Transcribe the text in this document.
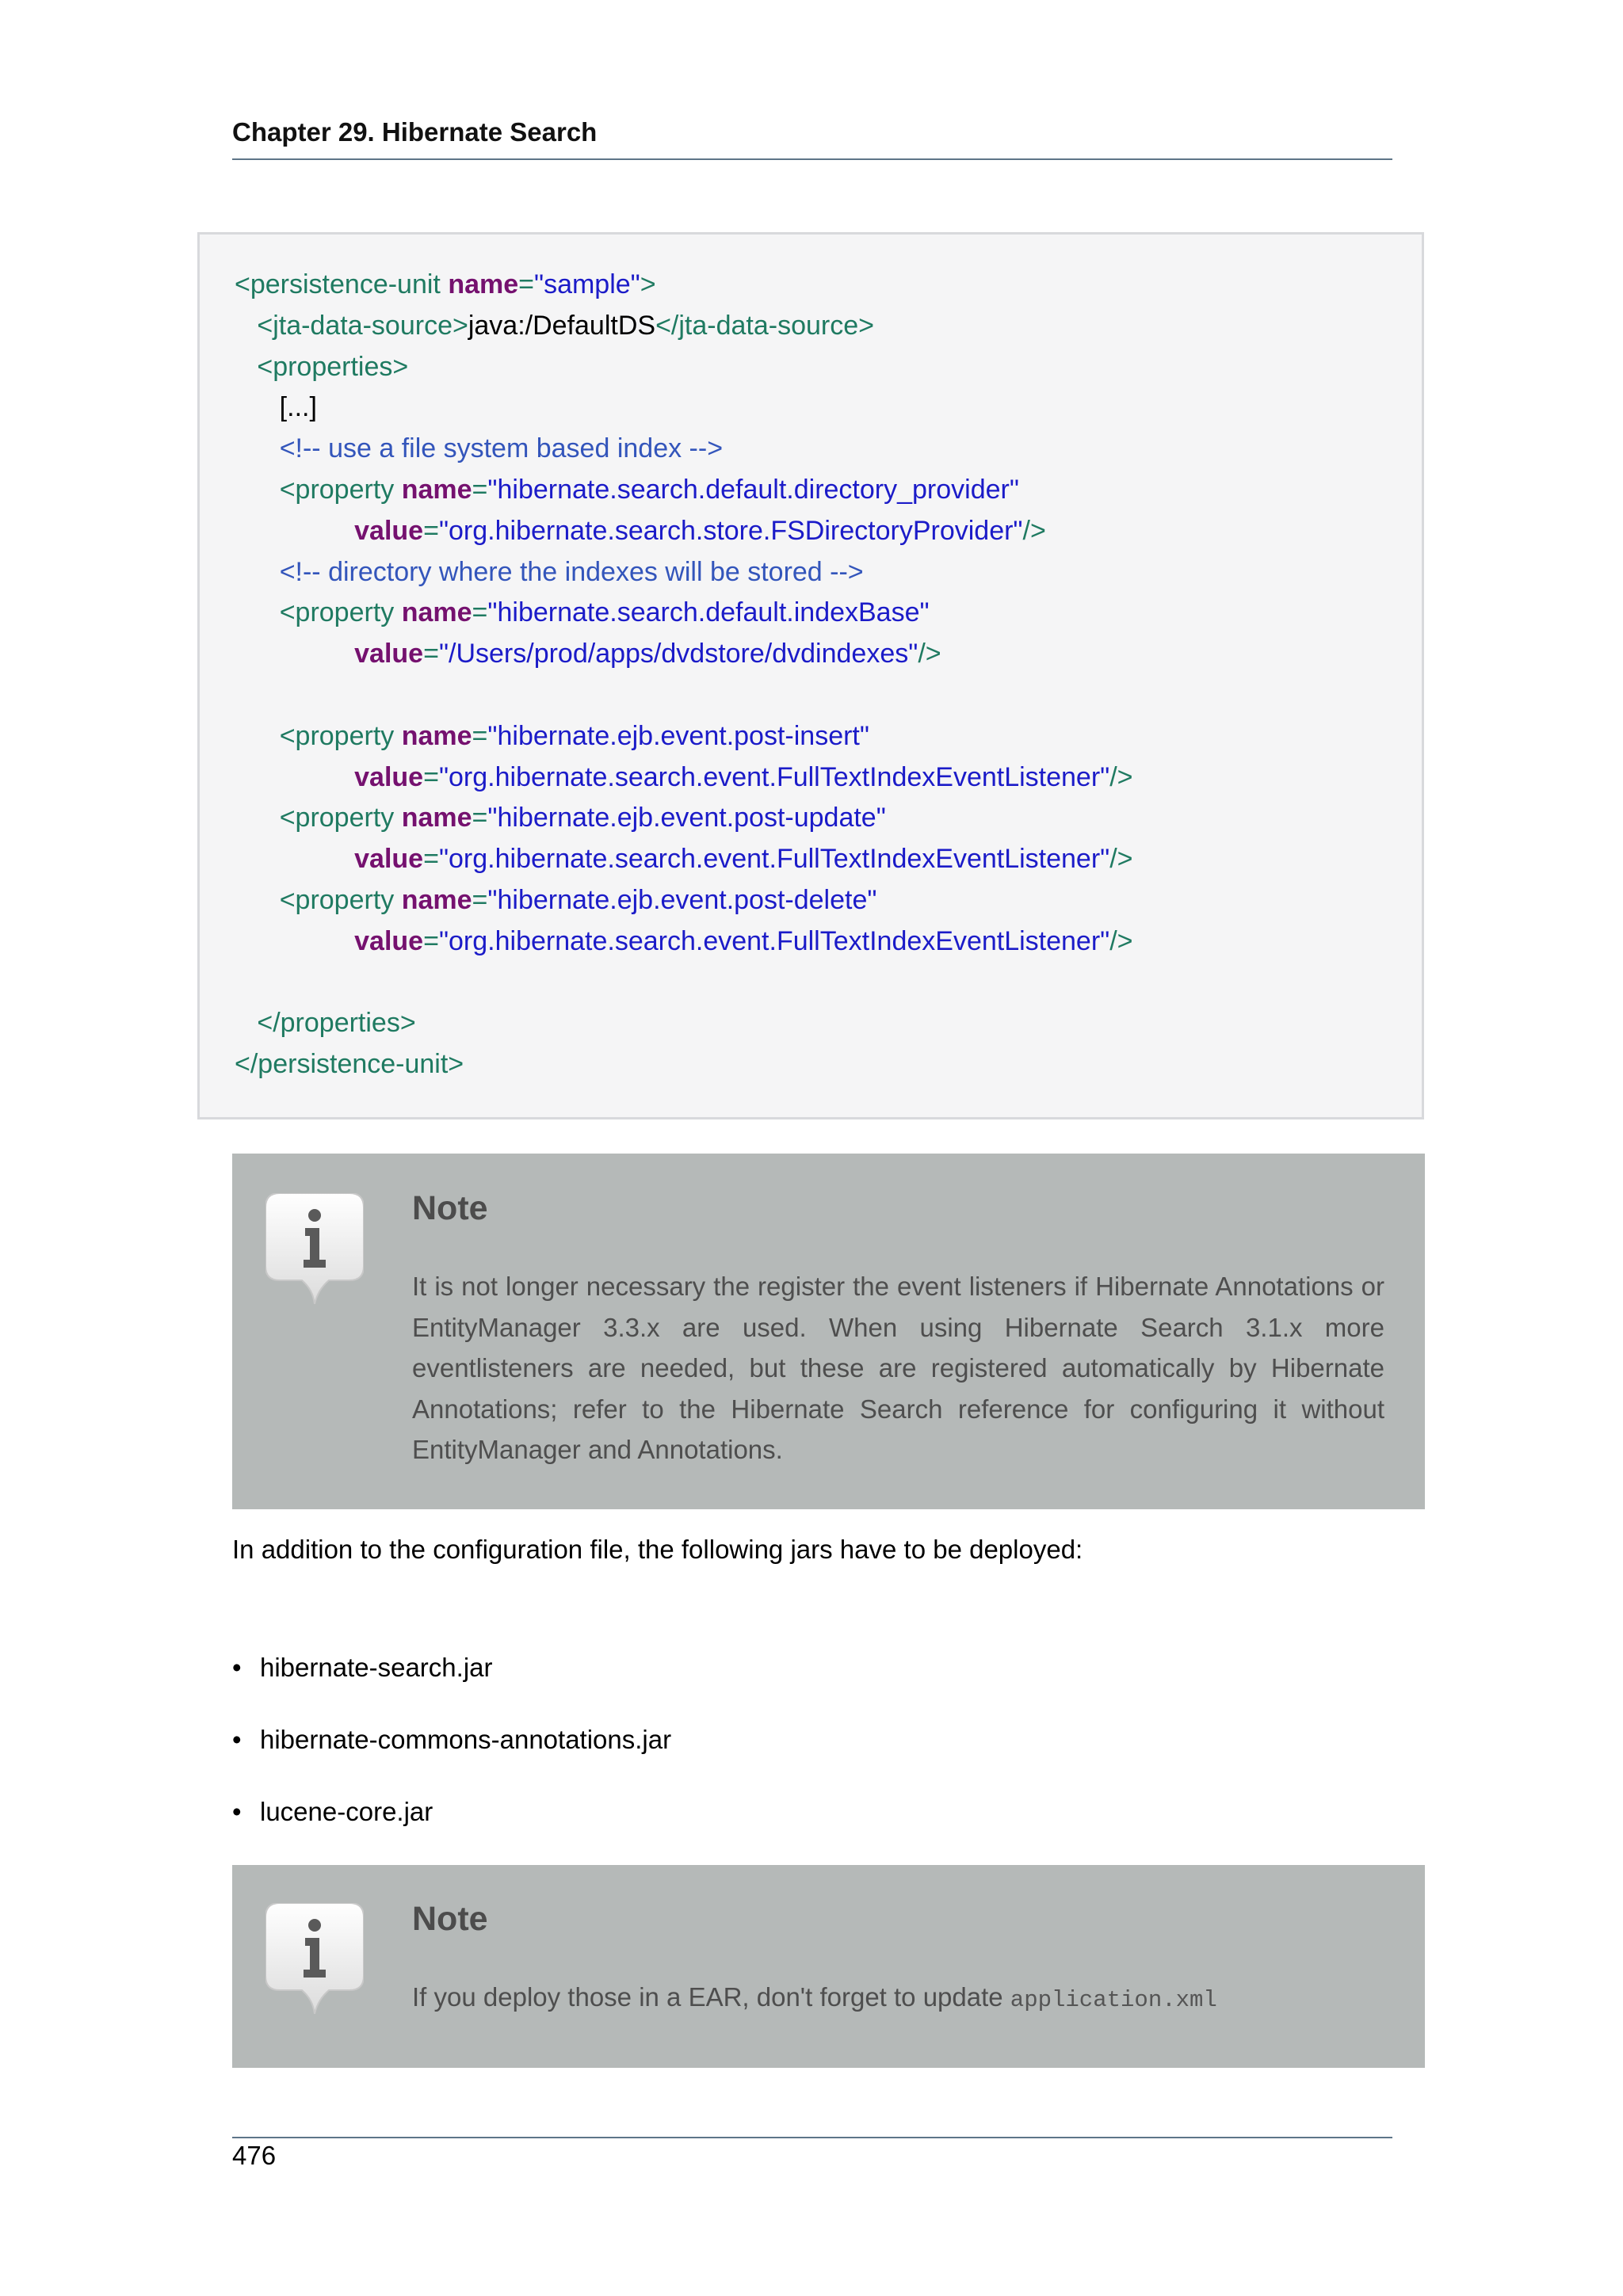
Chapter 29. Hibernate Search
<persistence-unit name="sample">
<jta-data-source>java:/DefaultDS</jta-data-source>
<properties>
[...]
<!-- use a file system based index -->
<property name="hibernate.search.default.directory_provider"
value="org.hibernate.search.store.FSDirectoryProvider"/>
<!-- directory where the indexes will be stored -->
<property name="hibernate.search.default.indexBase"
value="/Users/prod/apps/dvdstore/dvdindexes"/>
<property name="hibernate.ejb.event.post-insert"
value="org.hibernate.search.event.FullTextIndexEventListener"/>
<property name="hibernate.ejb.event.post-update"
value="org.hibernate.search.event.FullTextIndexEventListener"/>
<property name="hibernate.ejb.event.post-delete"
value="org.hibernate.search.event.FullTextIndexEventListener"/>
</properties>
</persistence-unit>
Note
It is not longer necessary the register the event listeners if Hibernate Annotations or EntityManager 3.3.x are used. When using Hibernate Search 3.1.x more eventlisteners are needed, but these are registered automatically by Hibernate Annotations; refer to the Hibernate Search reference for configuring it without EntityManager and Annotations.
In addition to the configuration file, the following jars have to be deployed:
• hibernate-search.jar
• hibernate-commons-annotations.jar
• lucene-core.jar
Note
If you deploy those in a EAR, don't forget to update application.xml
476
